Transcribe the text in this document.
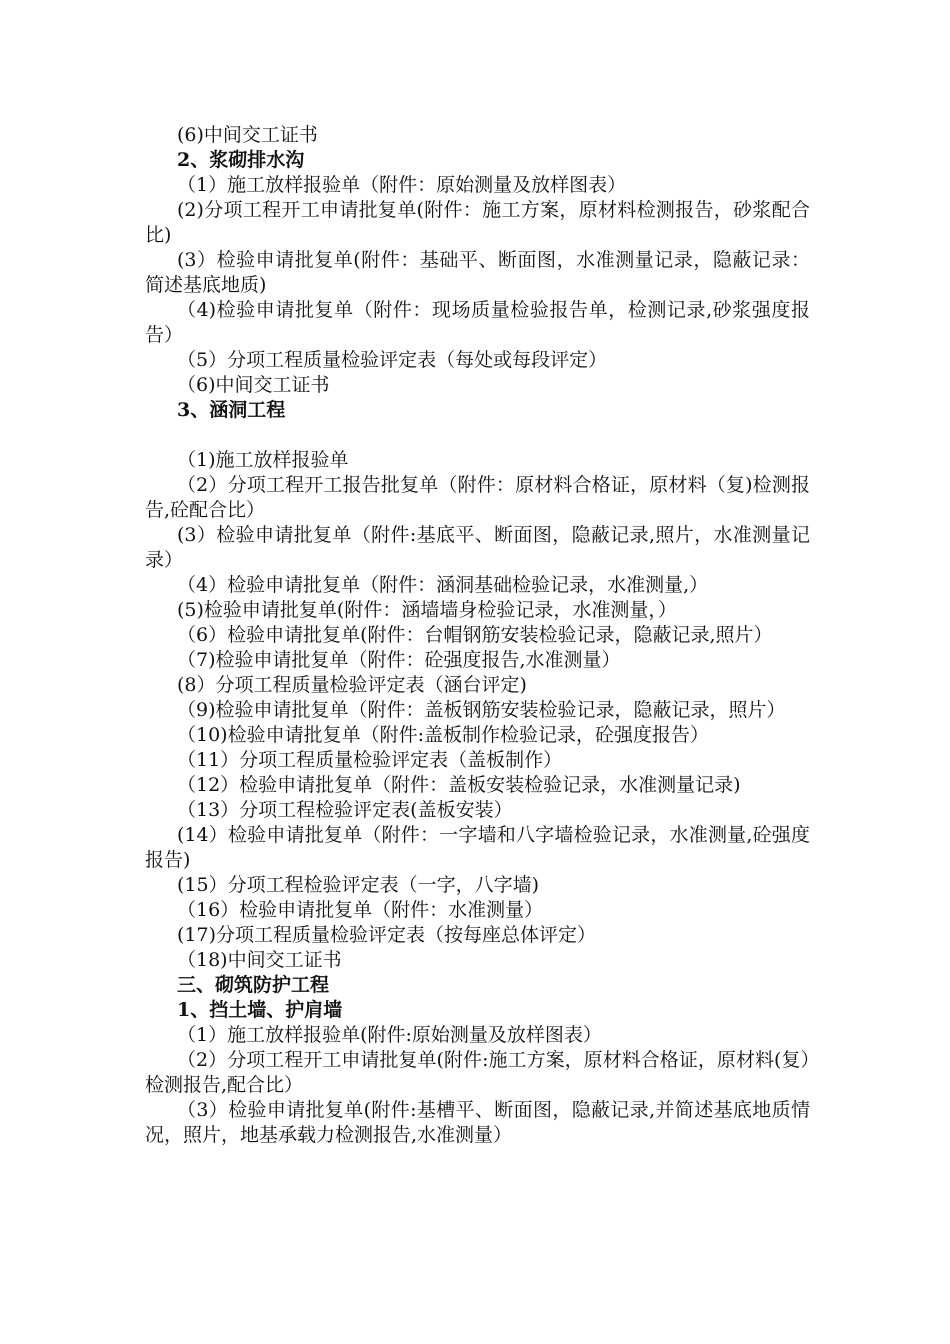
(6)中间交工证书
2、浆砌排水沟
（1）施工放样报验单（附件：原始测量及放样图表）
(2)分项工程开工申请批复单(附件：施工方案，原材料检测报告，砂浆配合比)
(3）检验申请批复单(附件：基础平、断面图，水准测量记录，隐蔽记录：简述基底地质)
（4)检验申请批复单（附件：现场质量检验报告单，检测记录,砂浆强度报告）
（5）分项工程质量检验评定表（每处或每段评定）
（6)中间交工证书
3、涵洞工程
（1)施工放样报验单
（2）分项工程开工报告批复单（附件：原材料合格证，原材料（复)检测报告,砼配合比）
(3）检验申请批复单（附件:基底平、断面图，隐蔽记录,照片，水准测量记录）
（4）检验申请批复单（附件：涵洞基础检验记录，水准测量,）
(5)检验申请批复单(附件：涵墙墙身检验记录，水准测量，）
（6）检验申请批复单(附件：台帽钢筋安装检验记录，隐蔽记录,照片）
（7)检验申请批复单（附件：砼强度报告,水准测量）
(8）分项工程质量检验评定表（涵台评定)
（9)检验申请批复单（附件：盖板钢筋安装检验记录，隐蔽记录，照片）
（10)检验申请批复单（附件:盖板制作检验记录，砼强度报告）
（11）分项工程质量检验评定表（盖板制作）
（12）检验申请批复单（附件：盖板安装检验记录，水准测量记录)
（13）分项工程检验评定表(盖板安装）
(14）检验申请批复单（附件：一字墙和八字墙检验记录，水准测量,砼强度报告)
(15）分项工程检验评定表（一字，八字墙)
（16）检验申请批复单（附件：水准测量）
(17)分项工程质量检验评定表（按每座总体评定）
（18)中间交工证书
三、砌筑防护工程
1、挡土墙、护肩墙
（1）施工放样报验单(附件:原始测量及放样图表）
（2）分项工程开工申请批复单(附件:施工方案，原材料合格证，原材料(复）检测报告,配合比）
（3）检验申请批复单(附件:基槽平、断面图，隐蔽记录,并简述基底地质情况，照片，地基承载力检测报告,水准测量）
